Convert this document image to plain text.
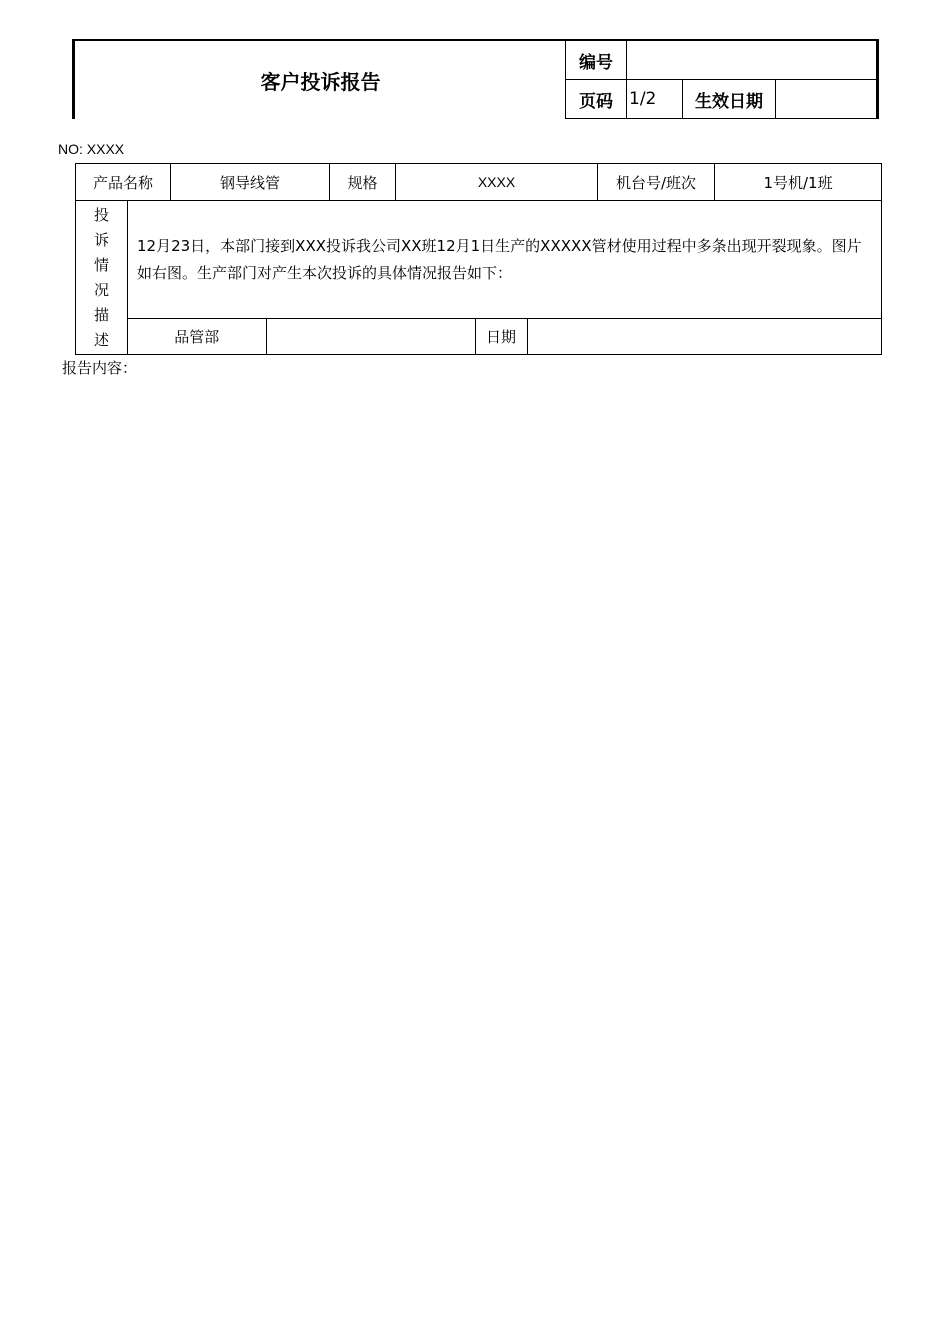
客户投诉报告
编号			
页码	1/2	生效日期	
NO: XXXX
产品名称	钢导线管	规格	XXXX	机台号/班次	1号机/1班

投
诉
情
况
描
述
	12月23日，本部门接到XXX投诉我公司XX班12月1日生产的XXXXX管材使用过程中多条出现开裂现象。图片如右图。生产部门对产生本次投诉的具体情况报告如下：

品管部		日期	
报告内容：
